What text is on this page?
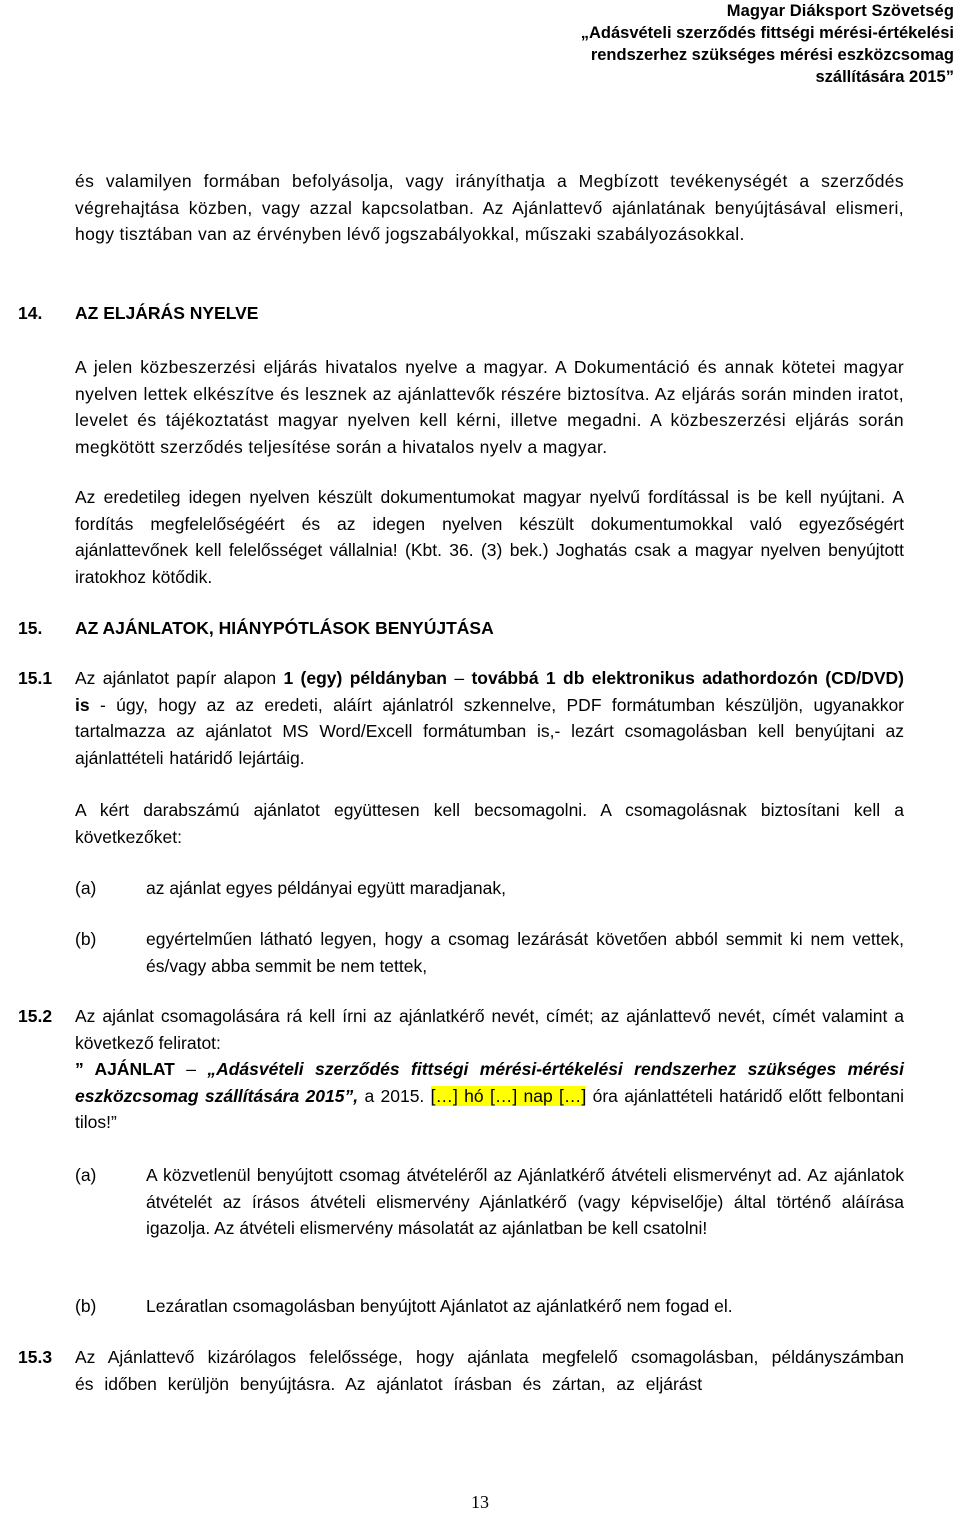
Magyar Diáksport Szövetség
„Adásvételi szerződés fittségi mérési-értékelési
rendszerhez szükséges mérési eszközcsomag
szállítására 2015”
és valamilyen formában befolyásolja, vagy irányíthatja a Megbízott tevékenységét a szerződés végrehajtása közben, vagy azzal kapcsolatban. Az Ajánlattevő ajánlatának benyújtásával elismeri, hogy tisztában van az érvényben lévő jogszabályokkal, műszaki szabályozásokkal.
14. AZ ELJÁRÁS NYELVE
A jelen közbeszerzési eljárás hivatalos nyelve a magyar. A Dokumentáció és annak kötetei magyar nyelven lettek elkészítve és lesznek az ajánlattevők részére biztosítva. Az eljárás során minden iratot, levelet és tájékoztatást magyar nyelven kell kérni, illetve megadni. A közbeszerzési eljárás során megkötött szerződés teljesítése során a hivatalos nyelv a magyar.
Az eredetileg idegen nyelven készült dokumentumokat magyar nyelvű fordítással is be kell nyújtani. A fordítás megfelelőségéért és az idegen nyelven készült dokumentumokkal való egyezőségért ajánlattevőnek kell felelősséget vállalnia! (Kbt. 36. (3) bek.) Joghatás csak a magyar nyelven benyújtott iratokhoz kötődik.
15. AZ AJÁNLATOK, HIÁNYPÓTLÁSOK BENYÚJTÁSA
15.1 Az ajánlatot papír alapon 1 (egy) példányban – továbbá 1 db elektronikus adathordozón (CD/DVD) is - úgy, hogy az az eredeti, aláírt ajánlatról szkennelve, PDF formátumban készüljön, ugyanakkor tartalmazza az ajánlatot MS Word/Excell formátumban is,- lezárt csomagolásban kell benyújtani az ajánlattételi határidő lejártáig.
A kért darabszámú ajánlatot együttesen kell becsomagolni. A csomagolásnak biztosítani kell a következőket:
(a)	az ajánlat egyes példányai együtt maradjanak,
(b)	egyértelműen látható legyen, hogy a csomag lezárását követően abból semmit ki nem vettek, és/vagy abba semmit be nem tettek,
15.2 Az ajánlat csomagolására rá kell írni az ajánlatkérő nevét, címét; az ajánlattevő nevét, címét valamint a következő feliratot:
” AJÁNLAT – „Adásvételi szerződés fittségi mérési-értékelési rendszerhez szükséges mérési eszközcsomag szállítására 2015”, a 2015. […] hó […] nap […] óra ajánlattételi határidő előtt felbontani tilos!”
(a)	A közvetlenül benyújtott csomag átvételéről az Ajánlatkérő átvételi elismervényt ad. Az ajánlatok átvételét az írásos átvételi elismervény Ajánlatkérő (vagy képviselője) által történő aláírása igazolja. Az átvételi elismervény másolatát az ajánlatban be kell csatolni!
(b)	Lezáratlan csomagolásban benyújtott Ajánlatot az ajánlatkérő nem fogad el.
15.3 Az Ajánlattevő kizárólagos felelőssége, hogy ajánlata megfelelő csomagolásban, példányszámban és időben kerüljön benyújtásra. Az ajánlatot írásban és zártan, az eljárást
13
